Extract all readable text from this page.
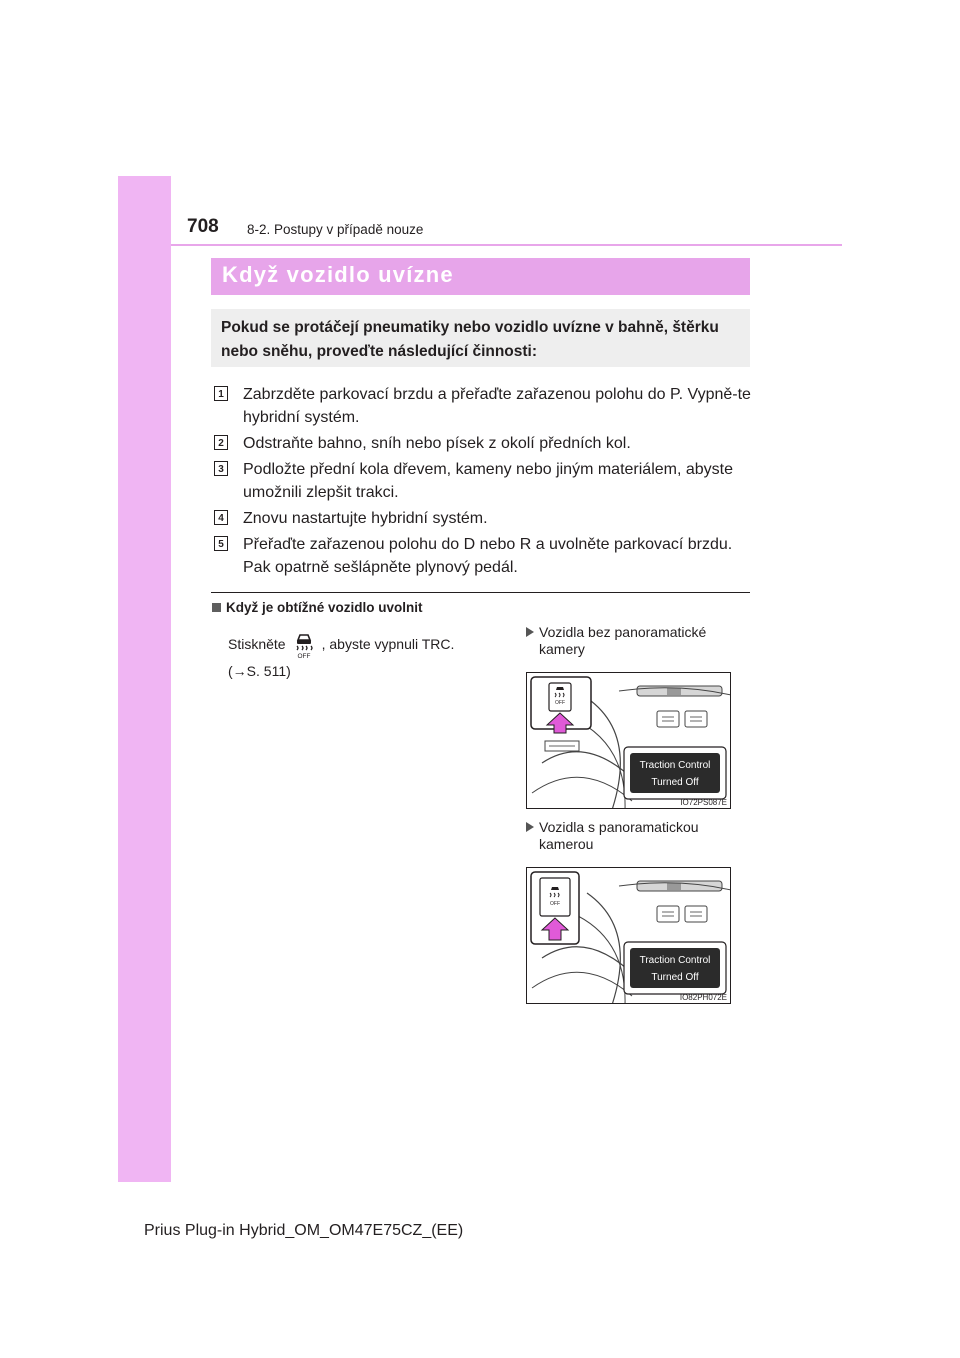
708 8-2. Postupy v případě nouze
Když vozidlo uvízne
Pokud se protáčejí pneumatiky nebo vozidlo uvízne v bahně, štěrku nebo sněhu, proveďte následující činnosti:
1 Zabrzděte parkovací brzdu a přeřaďte zařazenou polohu do P. Vypně-te hybridní systém.
2 Odstraňte bahno, sníh nebo písek z okolí předních kol.
3 Podložte přední kola dřevem, kameny nebo jiným materiálem, abyste umožnili zlepšit trakci.
4 Znovu nastartujte hybridní systém.
5 Přeřaďte zařazenou polohu do D nebo R a uvolněte parkovací brzdu. Pak opatrně sešlápněte plynový pedál.
Když je obtížné vozidlo uvolnit
Stiskněte
OFF
, abyste vypnuli TRC.
(→S. 511)
Vozidla bez panoramatické kamery
OFF
Traction Control
Turned Off
IO72PS087E
Vozidla s panoramatickou kamerou
OFF
Traction Control
Turned Off
IO82PH072E
Prius Plug-in Hybrid_OM_OM47E75CZ_(EE)
